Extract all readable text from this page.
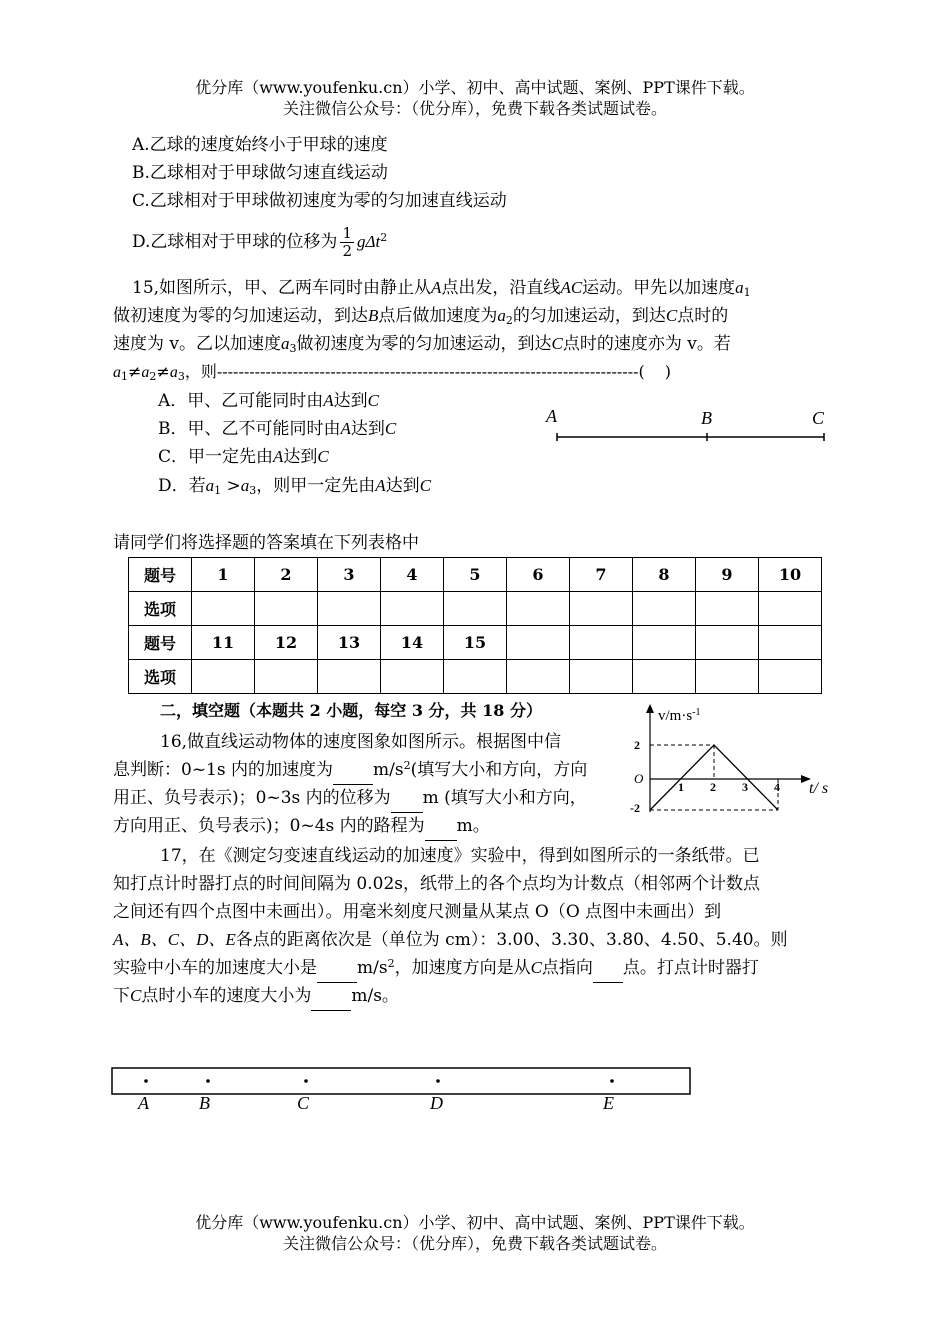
优分库（www.youfenku.cn）小学、初中、高中试题、案例、PPT课件下载。
关注微信公众号：（优分库），免费下载各类试题试卷。
A.乙球的速度始终小于甲球的速度
B.乙球相对于甲球做匀速直线运动
C.乙球相对于甲球做初速度为零的匀加速直线运动
D.乙球相对于甲球的位移为 $\frac{1}{2} g\Delta t^2$
15,如图所示，甲、乙两车同时由静止从A点出发，沿直线AC运动。甲先以加速度$a_1$
做初速度为零的匀加速运动，到达B点后做加速度为$a_2$的匀加速运动，到达C点时的
速度为 v。乙以加速度$a_3$做初速度为零的匀加速运动，到达C点时的速度亦为 v。若
$a_1\ne a_2\ne a_3$，则------------------------------------------------------------------------------( )
A．甲、乙可能同时由A达到C
B．甲、乙不可能同时由A达到C
C．甲一定先由A达到C
D．若$a_1 >a_3$，则甲一定先由A达到C
A	B	C
请同学们将选择题的答案填在下列表格中
题号	1	2	3	4	5	6	7	8	9	10
选项										
题号	11	12	13	14	15					
选项										
二，填空题（本题共 2 小题，每空 3 分，共 18 分）
16,做直线运动物体的速度图象如图所示。根据图中信
息判断：0~1s 内的加速度为 $m/s^2$(填写大小和方向，方向
用正、负号表示)；0~3s 内的位移为 m (填写大小和方向，
方向用正、负号表示)；0~4s 内的路程为 m。
$v/m\cdot s^{-1}$
t/ s
O
2
-2
1 2 3 4
17，在《测定匀变速直线运动的加速度》实验中，得到如图所示的一条纸带。已
知打点计时器打点的时间间隔为 0.02s，纸带上的各个点均为计数点（相邻两个计数点
之间还有四个点图中未画出）。用毫米刻度尺测量从某点 O（O 点图中未画出）到
A、B、C、D、E各点的距离依次是（单位为 cm）：3.00、3.30、3.80、4.50、5.40。则
实验中小车的加速度大小是 $m/s^2$，加速度方向是从C点指向 点。打点计时器打
下C点时小车的速度大小为 m/s。
A	B	C	D	E
优分库（www.youfenku.cn）小学、初中、高中试题、案例、PPT课件下载。
关注微信公众号：（优分库），免费下载各类试题试卷。
